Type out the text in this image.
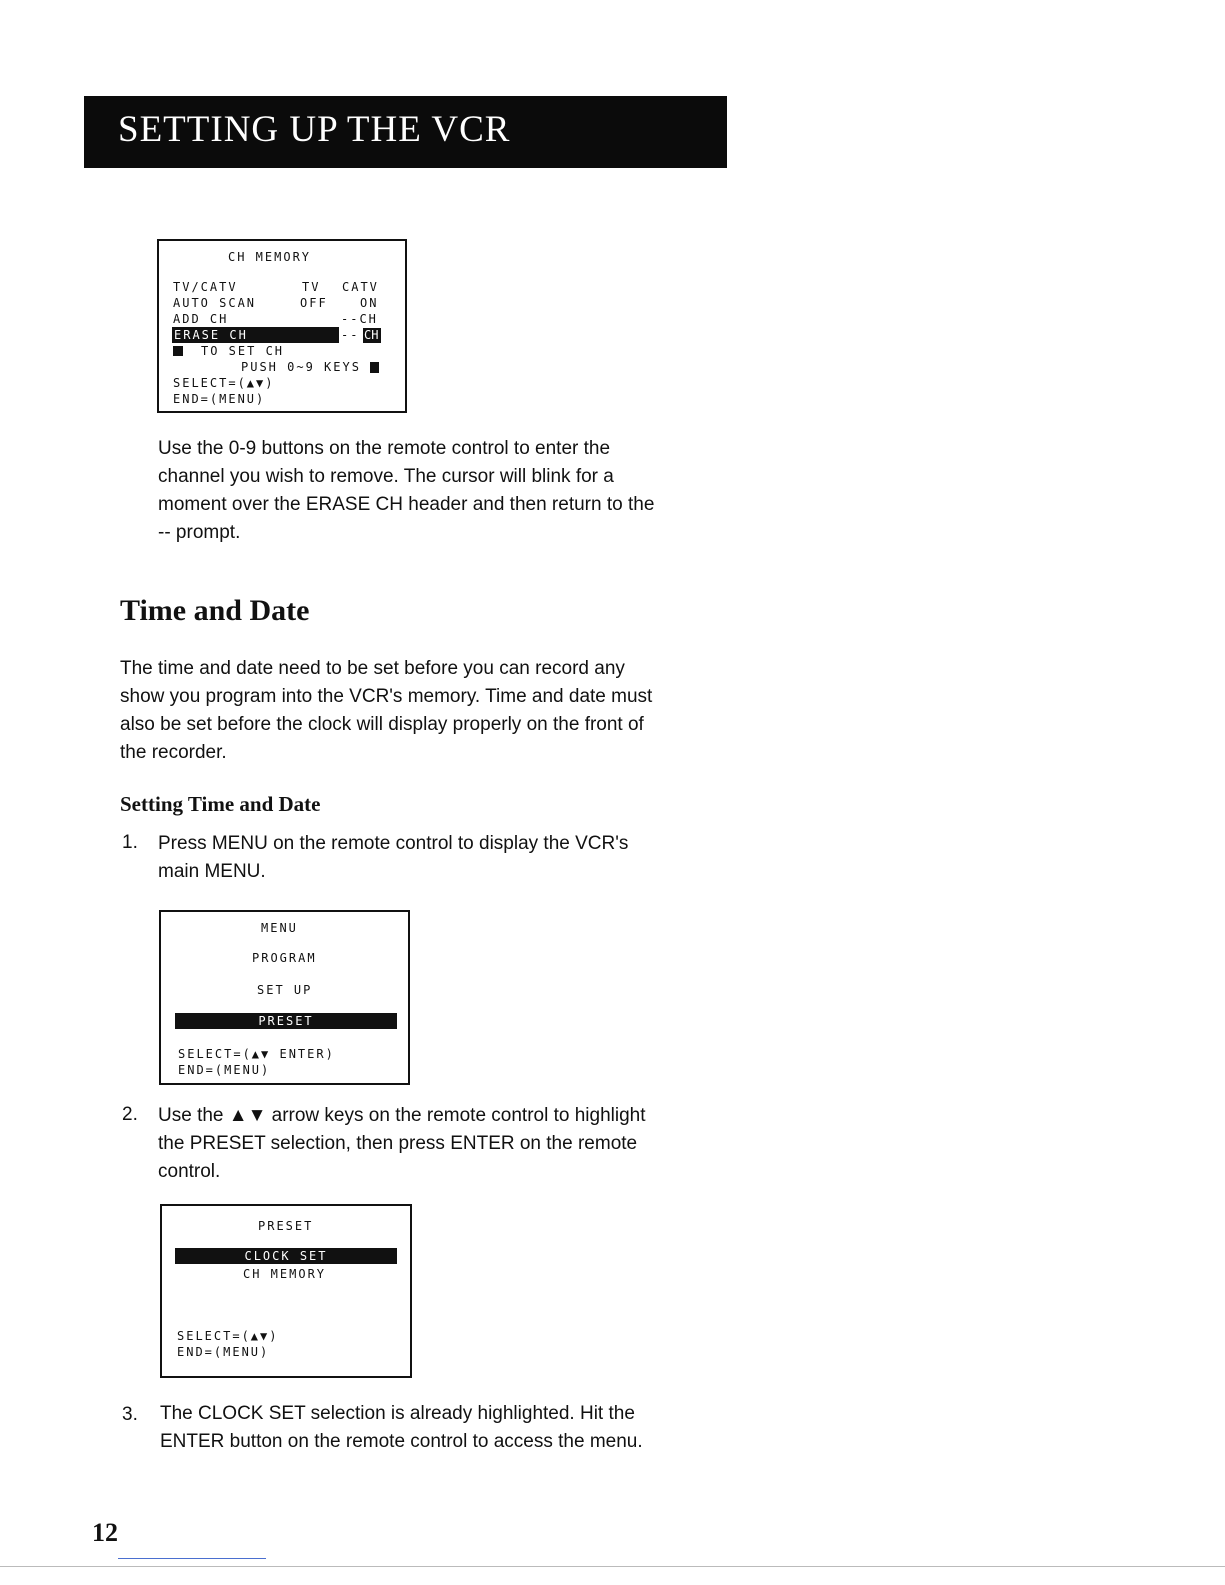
SETTING UP THE VCR
CH MEMORY
TV/CATV	TV CATV
AUTO SCAN	OFF	ON
ADD CH	--CH
ERASE CH	-- CH
TO SET CH
PUSH 0~9 KEYS
SELECT=(▲▼)
END=(MENU)
Use the 0-9 buttons on the remote control to enter the
channel you wish to remove. The cursor will blink for a
moment over the ERASE CH header and then return to the
-- prompt.
Time and Date
The time and date need to be set before you can record any
show you program into the VCR's memory. Time and date must
also be set before the clock will display properly on the front of
the recorder.
Setting Time and Date
1. Press MENU on the remote control to display the VCR's
main MENU.
MENU
PROGRAM
SET UP
PRESET
SELECT=(▲▼ ENTER)
END=(MENU)
2. Use the ▲▼ arrow keys on the remote control to highlight
the PRESET selection, then press ENTER on the remote
control.
PRESET
CLOCK SET
CH MEMORY
SELECT=(▲▼)
END=(MENU)
3. The CLOCK SET selection is already highlighted. Hit the
ENTER button on the remote control to access the menu.
12
